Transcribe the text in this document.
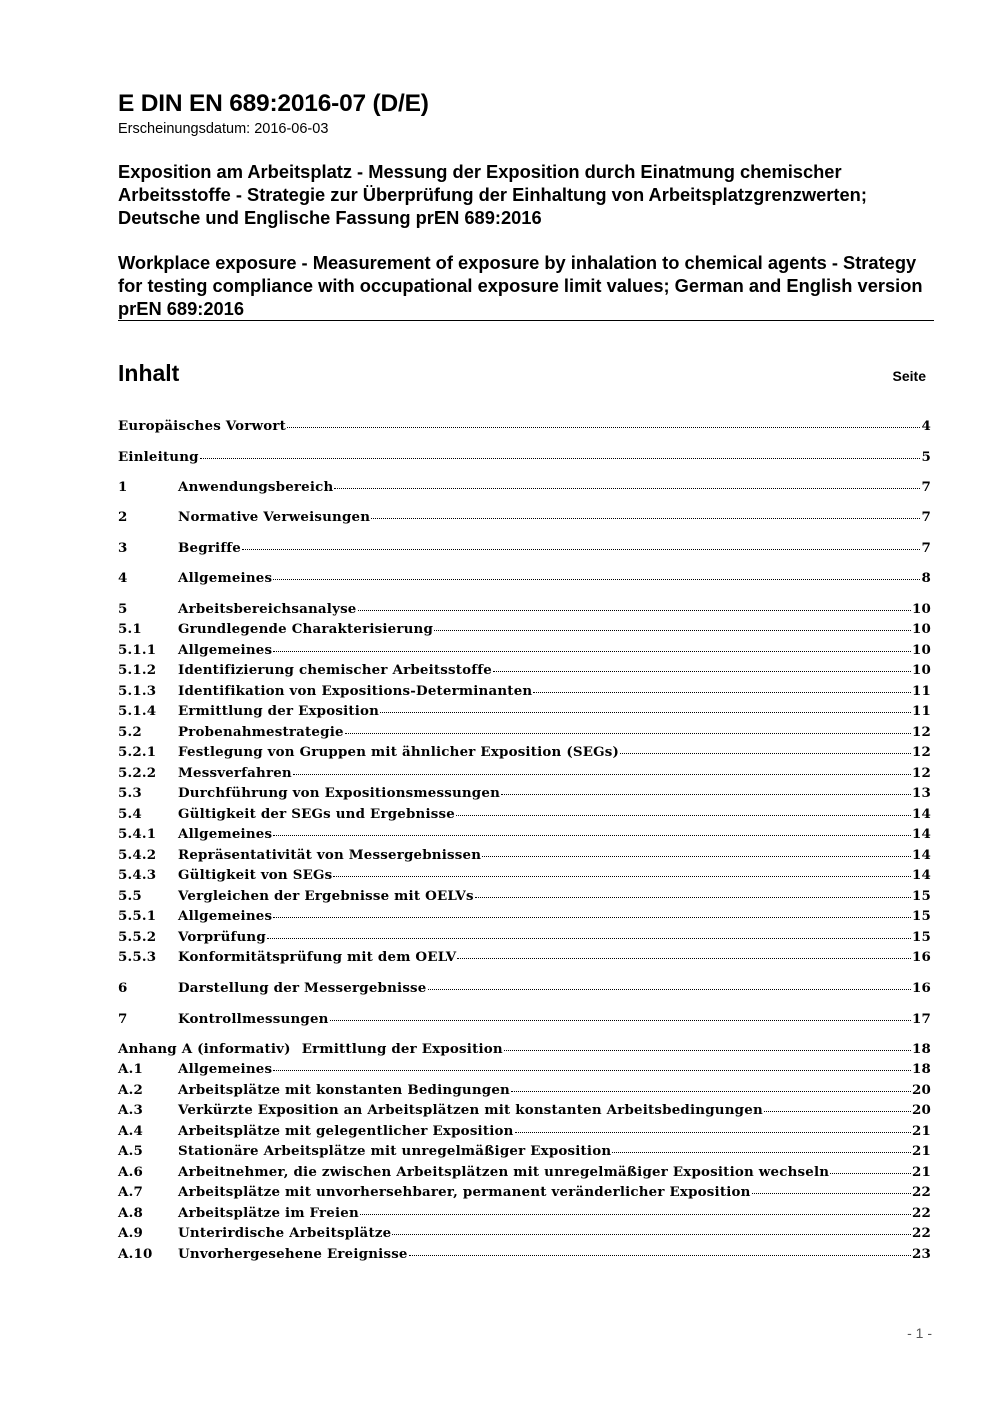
E DIN EN 689:2016-07 (D/E)
Erscheinungsdatum: 2016-06-03
Exposition am Arbeitsplatz - Messung der Exposition durch Einatmung chemischer Arbeitsstoffe - Strategie zur Überprüfung der Einhaltung von Arbeitsplatzgrenzwerten; Deutsche und Englische Fassung prEN 689:2016
Workplace exposure - Measurement of exposure by inhalation to chemical agents - Strategy for testing compliance with occupational exposure limit values; German and English version prEN 689:2016
Inhalt	Seite
Europäisches Vorwort	4
Einleitung	5
1	Anwendungsbereich	7
2	Normative Verweisungen	7
3	Begriffe	7
4	Allgemeines	8
5	Arbeitsbereichsanalyse	10
5.1	Grundlegende Charakterisierung	10
5.1.1	Allgemeines	10
5.1.2	Identifizierung chemischer Arbeitsstoffe	10
5.1.3	Identifikation von Expositions-Determinanten	11
5.1.4	Ermittlung der Exposition	11
5.2	Probenahmestrategie	12
5.2.1	Festlegung von Gruppen mit ähnlicher Exposition (SEGs)	12
5.2.2	Messverfahren	12
5.3	Durchführung von Expositionsmessungen	13
5.4	Gültigkeit der SEGs und Ergebnisse	14
5.4.1	Allgemeines	14
5.4.2	Repräsentativität von Messergebnissen	14
5.4.3	Gültigkeit von SEGs	14
5.5	Vergleichen der Ergebnisse mit OELVs	15
5.5.1	Allgemeines	15
5.5.2	Vorprüfung	15
5.5.3	Konformitätsprüfung mit dem OELV	16
6	Darstellung der Messergebnisse	16
7	Kontrollmessungen	17
Anhang A (informativ) Ermittlung der Exposition	18
A.1	Allgemeines	18
A.2	Arbeitsplätze mit konstanten Bedingungen	20
A.3	Verkürzte Exposition an Arbeitsplätzen mit konstanten Arbeitsbedingungen	20
A.4	Arbeitsplätze mit gelegentlicher Exposition	21
A.5	Stationäre Arbeitsplätze mit unregelmäßiger Exposition	21
A.6	Arbeitnehmer, die zwischen Arbeitsplätzen mit unregelmäßiger Exposition wechseln	21
A.7	Arbeitsplätze mit unvorhersehbarer, permanent veränderlicher Exposition	22
A.8	Arbeitsplätze im Freien	22
A.9	Unterirdische Arbeitsplätze	22
A.10	Unvorhergesehene Ereignisse	23
- 1 -
